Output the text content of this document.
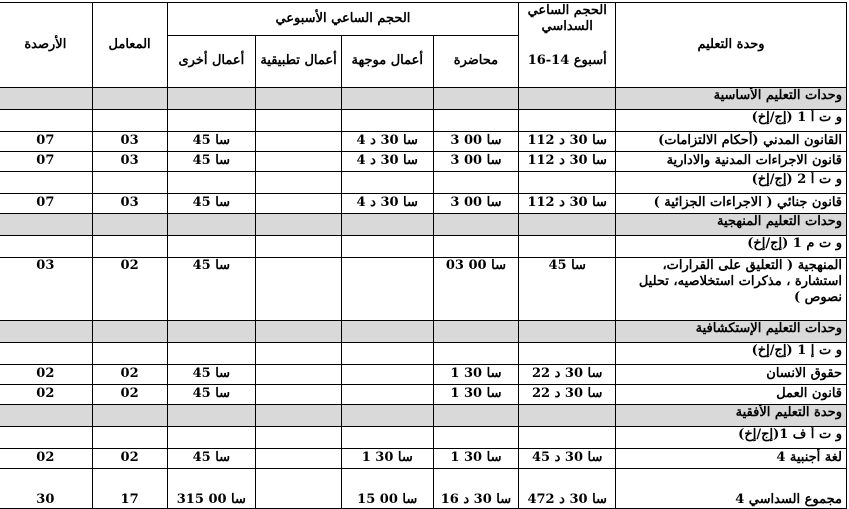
الأرصدة	المعامل	الحجم الساعي الأسبوعي				الحجم الساعي السداسي	وحدة التعليم
		أعمال أخرى	أعمال تطبيقية	أعمال موجهة	محاضرة	16-14 أسبوع	
							وحدات التعليم الأساسية
							و ت أ 1 (إج/إخ)
07	03	45 سا		4 سا 30 د	3 سا 00	112 سا 30 د	القانون المدني (أحكام الالتزامات)
07	03	45 سا		4 سا 30 د	3 سا 00	112 سا 30 د	قانون الاجراءات المدنية والادارية
							و ت أ 2 (إج/إخ)
07	03	45 سا		4 سا 30 د	3 سا 00	112 سا 30 د	قانون جنائي ( الاجراءات الجزائية )
							وحدات التعليم المنهجية
							و ت م 1 (إج/إخ)
03	02	45 سا			03 سا 00	45 سا	المنهجية ( التعليق على القرارات، استشارة ، مذكرات استخلاصيه، تحليل نصوص )
							وحدات التعليم الإستكشافية
							و ت إ 1 (إج/إخ)
02	02	45 سا			1 سا 30	22 سا 30 د	حقوق الانسان
02	02	45 سا			1 سا 30	22 سا 30 د	قانون العمل
							وحدة التعليم الأفقية
							و ت أ ف 1(إج/إخ)
02	02	45 سا		1 سا 30	1 سا 30	45 سا 30 د	لغة أجنبية 4
30	17	315 سا 00		15 سا 00	16 سا 30 د	472 سا 30 د	مجموع السداسي 4
